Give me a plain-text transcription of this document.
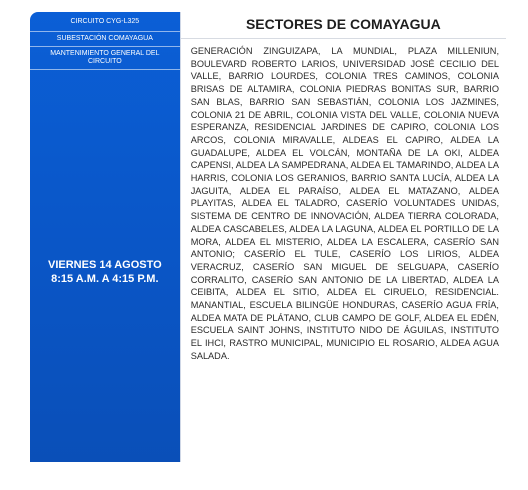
CIRCUITO CYG-L325
SUBESTACIÓN COMAYAGUA
MANTENIMIENTO GENERAL DEL CIRCUITO
VIERNES 14 AGOSTO
8:15 A.M. A 4:15 P.M.
SECTORES DE COMAYAGUA
GENERACIÓN ZINGUIZAPA, LA MUNDIAL, PLAZA MILLENIUN, BOULEVARD ROBERTO LARIOS, UNIVERSIDAD JOSÉ CECILIO DEL VALLE, BARRIO LOURDES, COLONIA TRES CAMINOS, COLONIA BRISAS DE ALTAMIRA, COLONIA PIEDRAS BONITAS SUR, BARRIO SAN BLAS, BARRIO SAN SEBASTIÁN, COLONIA LOS JAZMINES, COLONIA 21 DE ABRIL, COLONIA VISTA DEL VALLE, COLONIA NUEVA ESPERANZA, RESIDENCIAL JARDINES DE CAPIRO, COLONIA LOS ARCOS, COLONIA MIRAVALLE, ALDEAS EL CAPIRO, ALDEA LA GUADALUPE, ALDEA EL VOLCÁN, MONTAÑA DE LA OKI, ALDEA CAPENSI, ALDEA LA SAMPEDRANA, ALDEA EL TAMARINDO, ALDEA LA HARRIS, COLONIA LOS GERANIOS, BARRIO SANTA LUCÍA, ALDEA LA JAGUITA, ALDEA EL PARAÍSO, ALDEA EL MATAZANO, ALDEA PLAYITAS, ALDEA EL TALADRO, CASERÍO VOLUNTADES UNIDAS, SISTEMA DE CENTRO DE INNOVACIÓN, ALDEA TIERRA COLORADA, ALDEA CASCABELES, ALDEA LA LAGUNA, ALDEA EL PORTILLO DE LA MORA, ALDEA EL MISTERIO, ALDEA LA ESCALERA, CASERÍO SAN ANTONIO; CASERÍO EL TULE, CASERÍO LOS LIRIOS, ALDEA VERACRUZ, CASERÍO SAN MIGUEL DE SELGUAPA, CASERÍO CORRALITO, CASERÍO SAN ANTONIO DE LA LIBERTAD, ALDEA LA CEIBITA, ALDEA EL SITIO, ALDEA EL CIRUELO, RESIDENCIAL. MANANTIAL, ESCUELA BILINGÜE HONDURAS, CASERÍO AGUA FRÍA, ALDEA MATA DE PLÁTANO, CLUB CAMPO DE GOLF, ALDEA EL EDÉN, ESCUELA SAINT JOHNS, INSTITUTO NIDO DE ÁGUILAS, INSTITUTO EL IHCI, RASTRO MUNICIPAL, MUNICIPIO EL ROSARIO, ALDEA AGUA SALADA.
